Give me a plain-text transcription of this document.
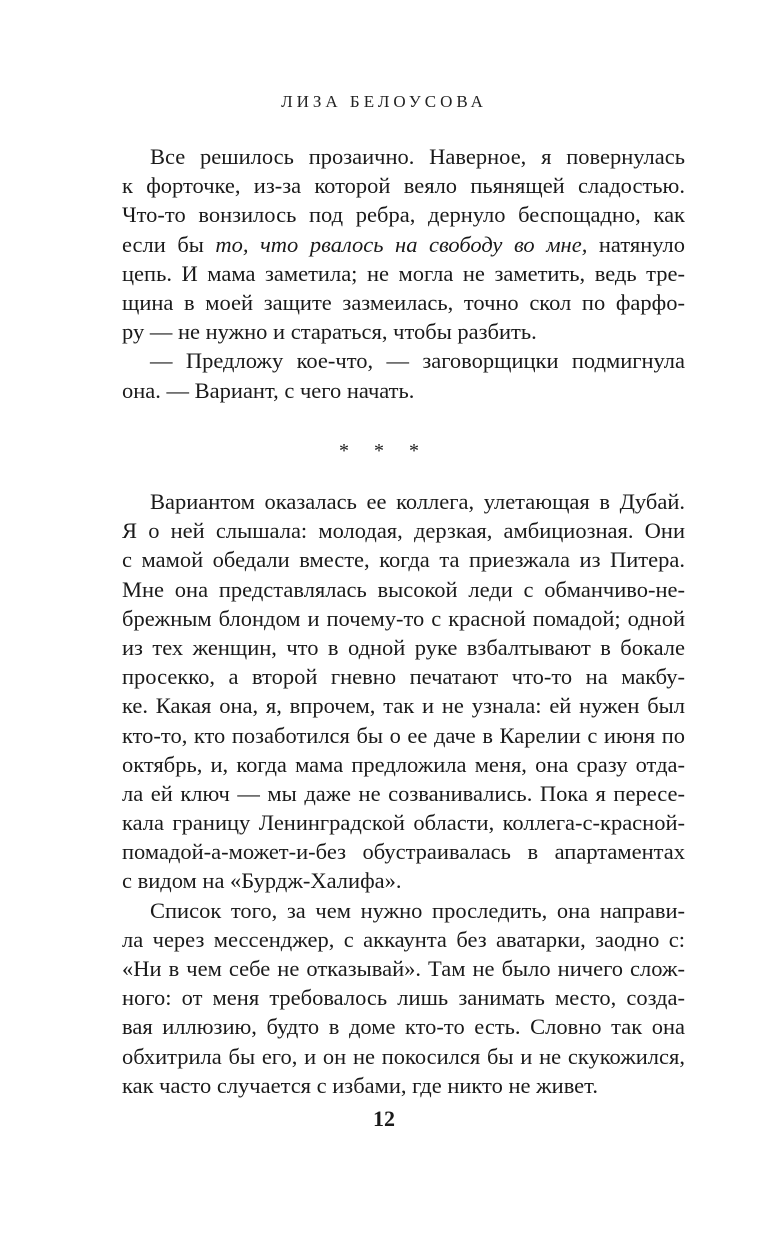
ЛИЗА БЕЛОУСОВА
Все решилось прозаично. Наверное, я повернулась
к форточке, из-за которой веяло пьянящей сладостью.
Что-то вонзилось под ребра, дернуло беспощадно, как
если бы то, что рвалось на свободу во мне, натянуло
цепь. И мама заметила; не могла не заметить, ведь тре-
щина в моей защите зазмеилась, точно скол по фарфо-
ру — не нужно и стараться, чтобы разбить.
— Предложу кое-что, — заговорщицки подмигнула
она. — Вариант, с чего начать.
* * *
Вариантом оказалась ее коллега, улетающая в Дубай.
Я о ней слышала: молодая, дерзкая, амбициозная. Они
с мамой обедали вместе, когда та приезжала из Питера.
Мне она представлялась высокой леди с обманчиво-не-
брежным блондом и почему-то с красной помадой; одной
из тех женщин, что в одной руке взбалтывают в бокале
просекко, а второй гневно печатают что-то на макбу-
ке. Какая она, я, впрочем, так и не узнала: ей нужен был
кто-то, кто позаботился бы о ее даче в Карелии с июня по
октябрь, и, когда мама предложила меня, она сразу отда-
ла ей ключ — мы даже не созванивались. Пока я пересе-
кала границу Ленинградской области, коллега-с-красной-
помадой-а-может-и-без обустраивалась в апартаментах
с видом на «Бурдж-Халифа».
Список того, за чем нужно проследить, она направи-
ла через мессенджер, с аккаунта без аватарки, заодно с:
«Ни в чем себе не отказывай». Там не было ничего слож-
ного: от меня требовалось лишь занимать место, созда-
вая иллюзию, будто в доме кто-то есть. Словно так она
обхитрила бы его, и он не покосился бы и не скукожился,
как часто случается с избами, где никто не живет.
12
